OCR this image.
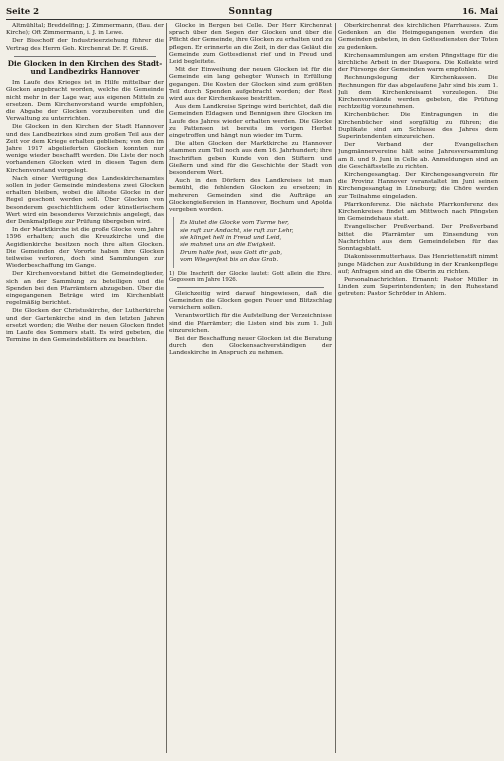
Seite 2	Sonntag	16. Mai

Altmühltal; Breddelfing; J. Zimmermann, (Bau. der Kirche); Oft Zimmermann, i. J. in Lewe.

Der Bisschoff der Industrieerziehung führer die Vertrag des Herrn Geh. Kirchenrat Dr. F. Greiß.

Die Glocken in den Kirchen des Stadt- und Landbezirks Hannover

Im Laufe des Krieges ist in Hilfe mittelbar der Glocken angebracht worden, welche die Gemeinde nicht mehr in der Lage war, aus eigenen Mitteln zu ersetzen. Dem Kirchenvorstand wurde empfohlen, die Abgabe der Glocken vorzubereiten und die Verwaltung zu unterrichten.

Die Glocken in den Kirchen der Stadt Hannover und des Landbezirkes sind zum großen Teil aus der Zeit vor dem Kriege erhalten geblieben; von den im Jahre 1917 abgelieferten Glocken konnten nur wenige wieder beschafft werden. Die Liste der noch vorhandenen Glocken wird in diesen Tagen dem Kirchenvorstand vorgelegt.

Nach einer Verfügung des Landeskirchenamtes sollen in jeder Gemeinde mindestens zwei Glocken erhalten bleiben, wobei die älteste Glocke in der Regel geschont werden soll. Über Glocken von besonderem geschichtlichem oder künstlerischem Wert wird ein besonderes Verzeichnis angelegt, das der Denkmalpflege zur Prüfung übergeben wird.

In der Marktkirche ist die große Glocke vom Jahre 1596 erhalten; auch die Kreuzkirche und die Aegidienkirche besitzen noch ihre alten Glocken. Die Gemeinden der Vororte haben ihre Glocken teilweise verloren, doch sind Sammlungen zur Wiederbeschaffung im Gange.

Der Kirchenvorstand bittet die Gemeindeglieder, sich an der Sammlung zu beteiligen und die Spenden bei den Pfarrämtern abzugeben. Über die eingegangenen Beträge wird im Kirchenblatt regelmäßig berichtet.

Die Glocken der Christuskirche, der Lutherkirche und der Gartenkirche sind in den letzten Jahren ersetzt worden; die Weihe der neuen Glocken findet im Laufe des Sommers statt. Es wird gebeten, die Termine in den Gemeindeblättern zu beachten.

Glocke in Bergen bei Celle. Der Herr Kirchenrat sprach über den Segen der Glocken und über die Pflicht der Gemeinde, ihre Glocken zu erhalten und zu pflegen. Er erinnerte an die Zeit, in der das Geläut die Gemeinde zum Gottesdienst rief und in Freud und Leid begleitete.

Mit der Einweihung der neuen Glocken ist für die Gemeinde ein lang gehegter Wunsch in Erfüllung gegangen. Die Kosten der Glocken sind zum größten Teil durch Spenden aufgebracht worden; der Rest wird aus der Kirchenkasse bestritten.

Aus dem Landkreise Springe wird berichtet, daß die Gemeinden Eldagsen und Bennigsen ihre Glocken im Laufe des Jahres wieder erhalten werden. Die Glocke zu Pattensen ist bereits im vorigen Herbst eingetroffen und hängt nun wieder im Turm.

Die alten Glocken der Marktkirche zu Hannover stammen zum Teil noch aus dem 16. Jahrhundert; ihre Inschriften geben Kunde von den Stiftern und Gießern und sind für die Geschichte der Stadt von besonderem Wert.

Auch in den Dörfern des Landkreises ist man bemüht, die fehlenden Glocken zu ersetzen; in mehreren Gemeinden sind die Aufträge an Glockengießereien in Hannover, Bochum und Apolda vergeben worden.

Es läutet die Glocke vom Turme her,
sie ruft zur Andacht, sie ruft zur Lehr,
sie klinget hell in Freud und Leid,
sie mahnet uns an die Ewigkeit.
Drum halte fest, was Gott dir gab,
vom Wiegenfest bis an das Grab.
1) Die Inschrift der Glocke lautet: Gott allein die Ehre. Gegossen im Jahre 1926.

Gleichzeitig wird darauf hingewiesen, daß die Gemeinden die Glocken gegen Feuer und Blitzschlag versichern sollen.

Verantwortlich für die Aufstellung der Verzeichnisse sind die Pfarrämter; die Listen sind bis zum 1. Juli einzureichen.

Bei der Beschaffung neuer Glocken ist die Beratung durch den Glockensachverständigen der Landeskirche in Anspruch zu nehmen.

Oberkirchenrat des kirchlichen Pfarrhauses. Zum Gedenken an die Heimgegangenen werden die Gemeinden gebeten, in den Gottesdiensten der Toten zu gedenken.

Kirchensammlungen am ersten Pfingsttage für die kirchliche Arbeit in der Diaspora. Die Kollekte wird der Fürsorge der Gemeinden warm empfohlen.

Rechnungslegung der Kirchenkassen. Die Rechnungen für das abgelaufene Jahr sind bis zum 1. Juli dem Kirchenkreisamt vorzulegen. Die Kirchenvorstände werden gebeten, die Prüfung rechtzeitig vorzunehmen.

Kirchenbücher. Die Eintragungen in die Kirchenbücher sind sorgfältig zu führen; die Duplikate sind am Schlusse des Jahres dem Superintendenten einzureichen.

Der Verband der Evangelischen Jungmännervereine hält seine Jahresversammlung am 8. und 9. Juni in Celle ab. Anmeldungen sind an die Geschäftsstelle zu richten.

Kirchengesangtag. Der Kirchengesangverein für die Provinz Hannover veranstaltet im Juni seinen Kirchengesangtag in Lüneburg; die Chöre werden zur Teilnahme eingeladen.

Pfarrkonferenz. Die nächste Pfarrkonferenz des Kirchenkreises findet am Mittwoch nach Pfingsten im Gemeindehaus statt.

Evangelischer Preßverband. Der Preßverband bittet die Pfarrämter um Einsendung von Nachrichten aus dem Gemeindeleben für das Sonntagsblatt.

Diakonissenmutterhaus. Das Henriettenstift nimmt junge Mädchen zur Ausbildung in der Krankenpflege auf; Anfragen sind an die Oberin zu richten.

Personalnachrichten. Ernannt: Pastor Müller in Linden zum Superintendenten; in den Ruhestand getreten: Pastor Schröder in Ahlem.
